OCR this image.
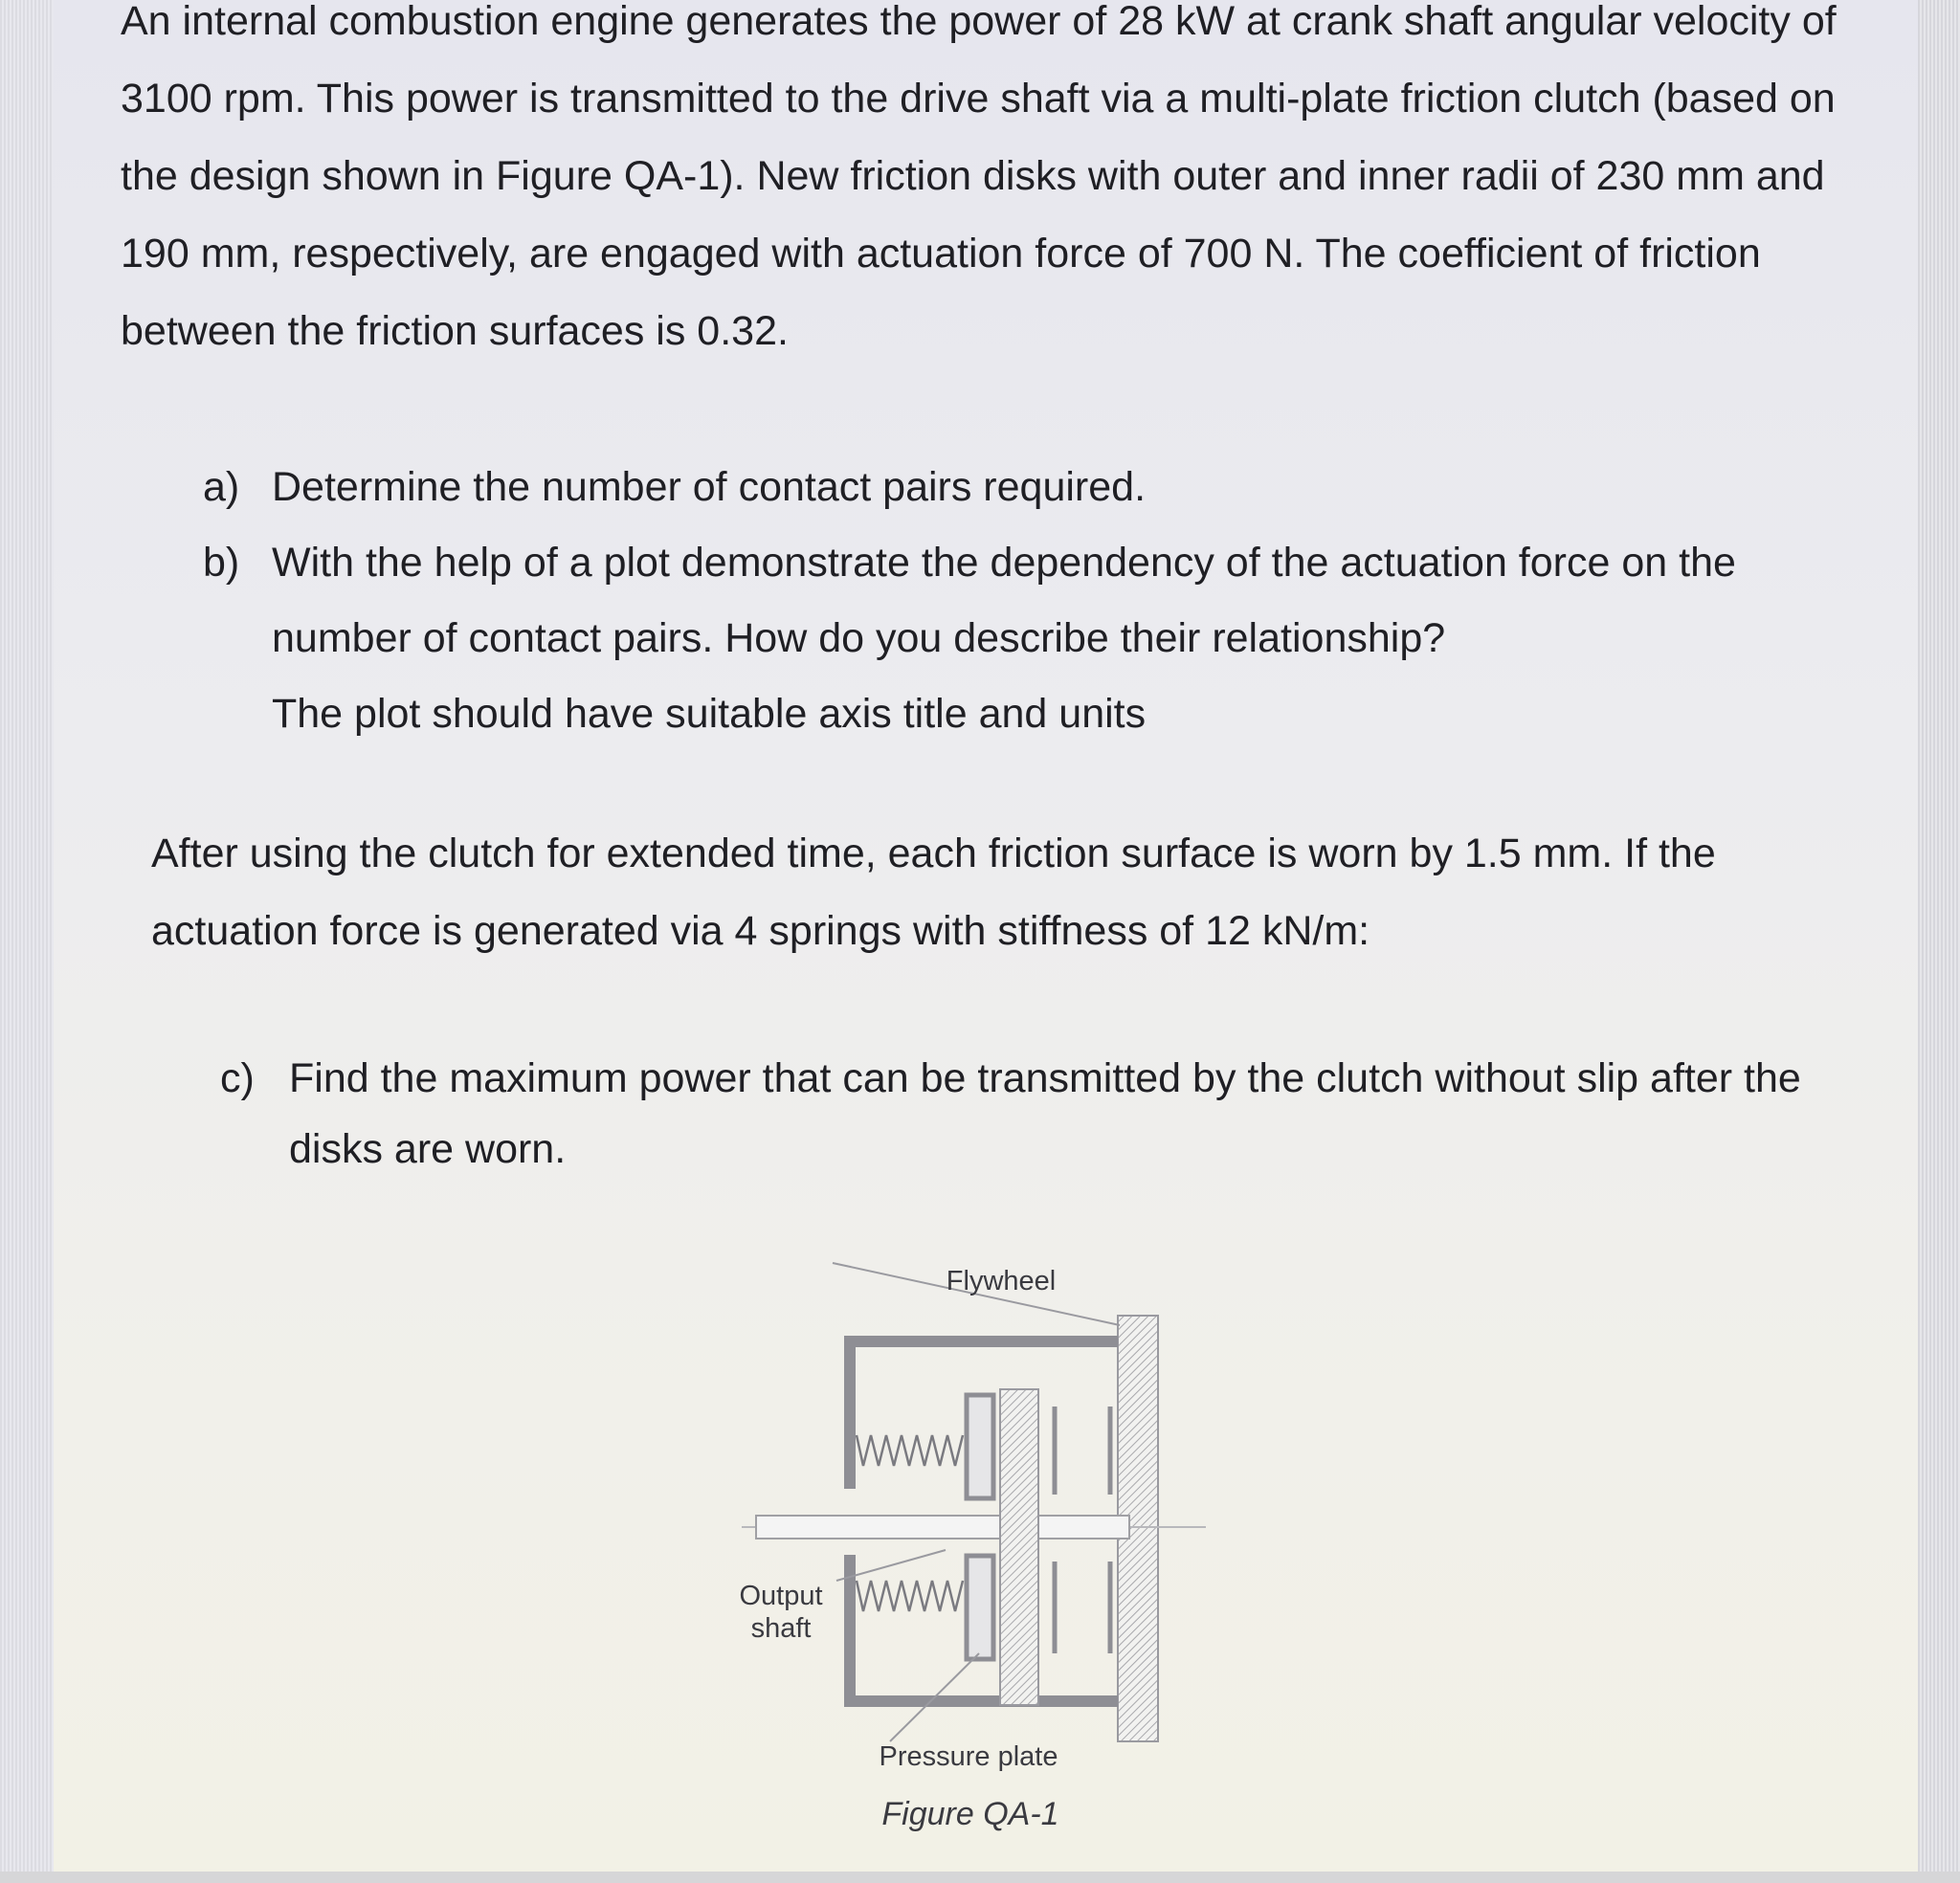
An internal combustion engine generates the power of 28 kW at crank shaft angular velocity of 3100 rpm. This power is transmitted to the drive shaft via a multi-plate friction clutch (based on the design shown in Figure QA-1). New friction disks with outer and inner radii of 230 mm and 190 mm, respectively, are engaged with actuation force of 700 N. The coefficient of friction between the friction surfaces is 0.32.

a) Determine the number of contact pairs required.
b) With the help of a plot demonstrate the dependency of the actuation force on the number of contact pairs. How do you describe their relationship?
The plot should have suitable axis title and units

After using the clutch for extended time, each friction surface is worn by 1.5 mm. If the actuation force is generated via 4 springs with stiffness of 12 kN/m:

c) Find the maximum power that can be transmitted by the clutch without slip after the disks are worn.
Flywheel
Output
shaft
Pressure plate
Figure QA-1
